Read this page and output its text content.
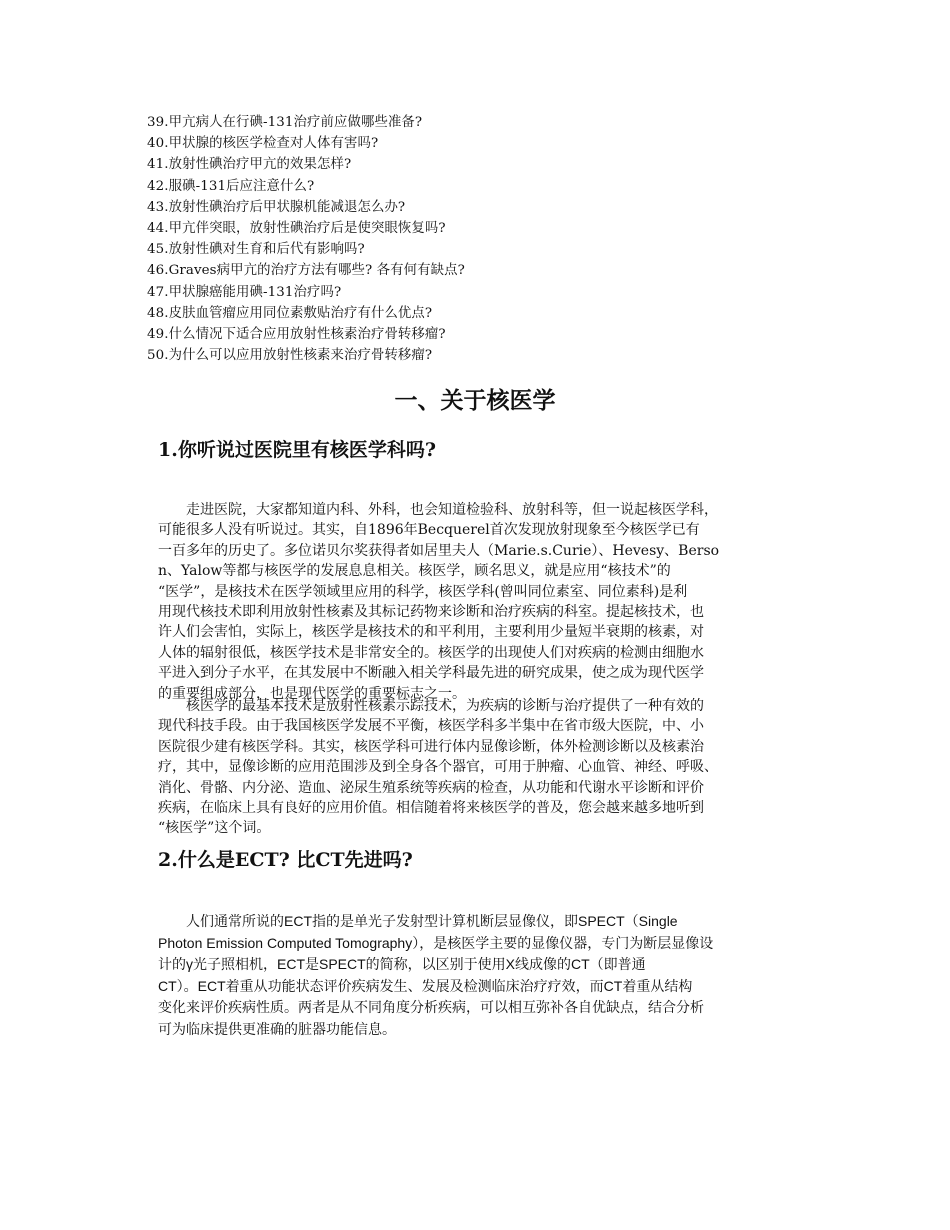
39.甲亢病人在行碘-131治疗前应做哪些准备?
40.甲状腺的核医学检查对人体有害吗?
41.放射性碘治疗甲亢的效果怎样?
42.服碘-131后应注意什么?
43.放射性碘治疗后甲状腺机能减退怎么办?
44.甲亢伴突眼，放射性碘治疗后是使突眼恢复吗?
45.放射性碘对生育和后代有影响吗?
46.Graves病甲亢的治疗方法有哪些? 各有何有缺点?
47.甲状腺癌能用碘-131治疗吗?
48.皮肤血管瘤应用同位素敷贴治疗有什么优点?
49.什么情况下适合应用放射性核素治疗骨转移瘤?
50.为什么可以应用放射性核素来治疗骨转移瘤?
一、关于核医学
1.你听说过医院里有核医学科吗?

　　走进医院，大家都知道内科、外科，也会知道检验科、放射科等，但一说起核医学科，
可能很多人没有听说过。其实，自1896年Becquerel首次发现放射现象至今核医学已有
一百多年的历史了。多位诺贝尔奖获得者如居里夫人（Marie.s.Curie）、Hevesy、Berso
n、Yalow等都与核医学的发展息息相关。核医学，顾名思义，就是应用“核技术”的
“医学”，是核技术在医学领域里应用的科学，核医学科(曾叫同位素室、同位素科)是利
用现代核技术即利用放射性核素及其标记药物来诊断和治疗疾病的科室。提起核技术，也
许人们会害怕，实际上，核医学是核技术的和平利用，主要利用少量短半衰期的核素，对
人体的辐射很低，核医学技术是非常安全的。核医学的出现使人们对疾病的检测由细胞水
平进入到分子水平，在其发展中不断融入相关学科最先进的研究成果，使之成为现代医学
的重要组成部分，也是现代医学的重要标志之一。

　　核医学的最基本技术是放射性核素示踪技术，为疾病的诊断与治疗提供了一种有效的
现代科技手段。由于我国核医学发展不平衡，核医学科多半集中在省市级大医院，中、小
医院很少建有核医学科。其实，核医学科可进行体内显像诊断，体外检测诊断以及核素治
疗，其中，显像诊断的应用范围涉及到全身各个器官，可用于肿瘤、心血管、神经、呼吸、
消化、骨骼、内分泌、造血、泌尿生殖系统等疾病的检查，从功能和代谢水平诊断和评价
疾病，在临床上具有良好的应用价值。相信随着将来核医学的普及，您会越来越多地听到
“核医学”这个词。

2.什么是ECT? 比CT先进吗?

　　人们通常所说的ECT指的是单光子发射型计算机断层显像仪，即SPECT（Single
Photon Emission Computed Tomography），是核医学主要的显像仪器，专门为断层显像设
计的γ光子照相机，ECT是SPECT的简称，以区别于使用X线成像的CT（即普通
CT）。ECT着重从功能状态评价疾病发生、发展及检测临床治疗疗效，而CT着重从结构
变化来评价疾病性质。两者是从不同角度分析疾病，可以相互弥补各自优缺点，结合分析
可为临床提供更准确的脏器功能信息。
